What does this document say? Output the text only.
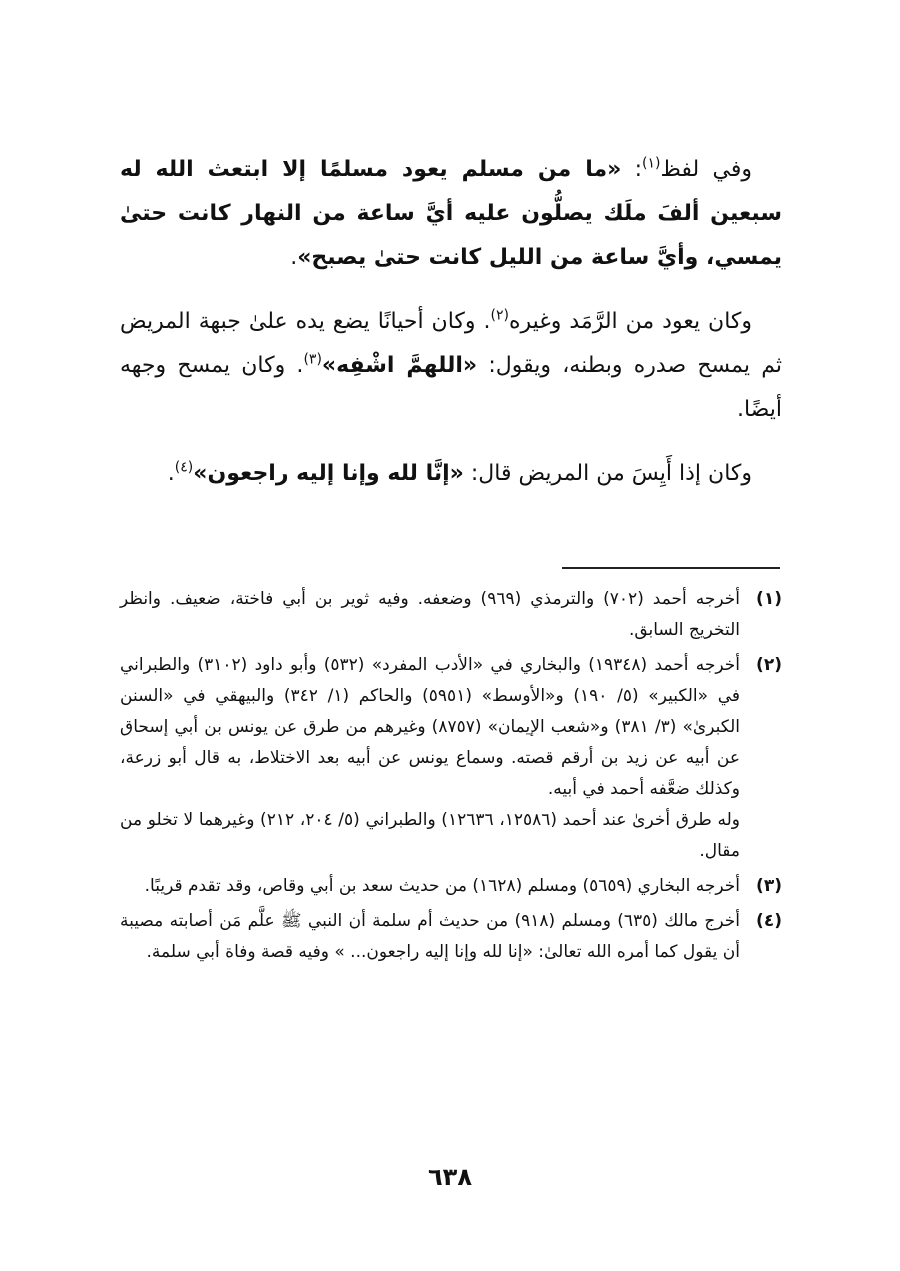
وفي لفظ$^{(١)}$: «ما من مسلم يعود مسلمًا إلا ابتعث الله له سبعين ألفَ ملَك يصلُّون عليه أيَّ ساعة من النهار كانت حتىٰ يمسي، وأيَّ ساعة من الليل كانت حتىٰ يصبح».

وكان يعود من الرَّمَد وغيره$^{(٢)}$. وكان أحيانًا يضع يده علىٰ جبهة المريض ثم يمسح صدره وبطنه، ويقول: «اللهمَّ اشْفِه»$^{(٣)}$. وكان يمسح وجهه أيضًا.

وكان إذا أَيِسَ من المريض قال: «إنَّا لله وإنا إليه راجعون»$^{(٤)}$.

(١)
أخرجه أحمد (٧٠٢) والترمذي (٩٦٩) وضعفه. وفيه ثوير بن أبي فاختة، ضعيف. وانظر التخريج السابق.
(٢)
أخرجه أحمد (١٩٣٤٨) والبخاري في «الأدب المفرد» (٥٣٢) وأبو داود (٣١٠٢) والطبراني في «الكبير» (٥/ ١٩٠) و«الأوسط» (٥٩٥١) والحاكم (١/ ٣٤٢) والبيهقي في «السنن الكبرىٰ» (٣/ ٣٨١) و«شعب الإيمان» (٨٧٥٧) وغيرهم من طرق عن يونس بن أبي إسحاق عن أبيه عن زيد بن أرقم قصته. وسماع يونس عن أبيه بعد الاختلاط، به قال أبو زرعة، وكذلك ضعَّفه أحمد في أبيه.
وله طرق أخرىٰ عند أحمد (١٢٥٨٦، ١٢٦٣٦) والطبراني (٥/ ٢٠٤، ٢١٢) وغيرهما لا تخلو من مقال.
(٣)
أخرجه البخاري (٥٦٥٩) ومسلم (١٦٢٨) من حديث سعد بن أبي وقاص، وقد تقدم قريبًا.
(٤)
أخرج مالك (٦٣٥) ومسلم (٩١٨) من حديث أم سلمة أن النبي ﷺ علَّم مَن أصابته مصيبة أن يقول كما أمره الله تعالىٰ: «إنا لله وإنا إليه راجعون... » وفيه قصة وفاة أبي سلمة.
٦٣٨
